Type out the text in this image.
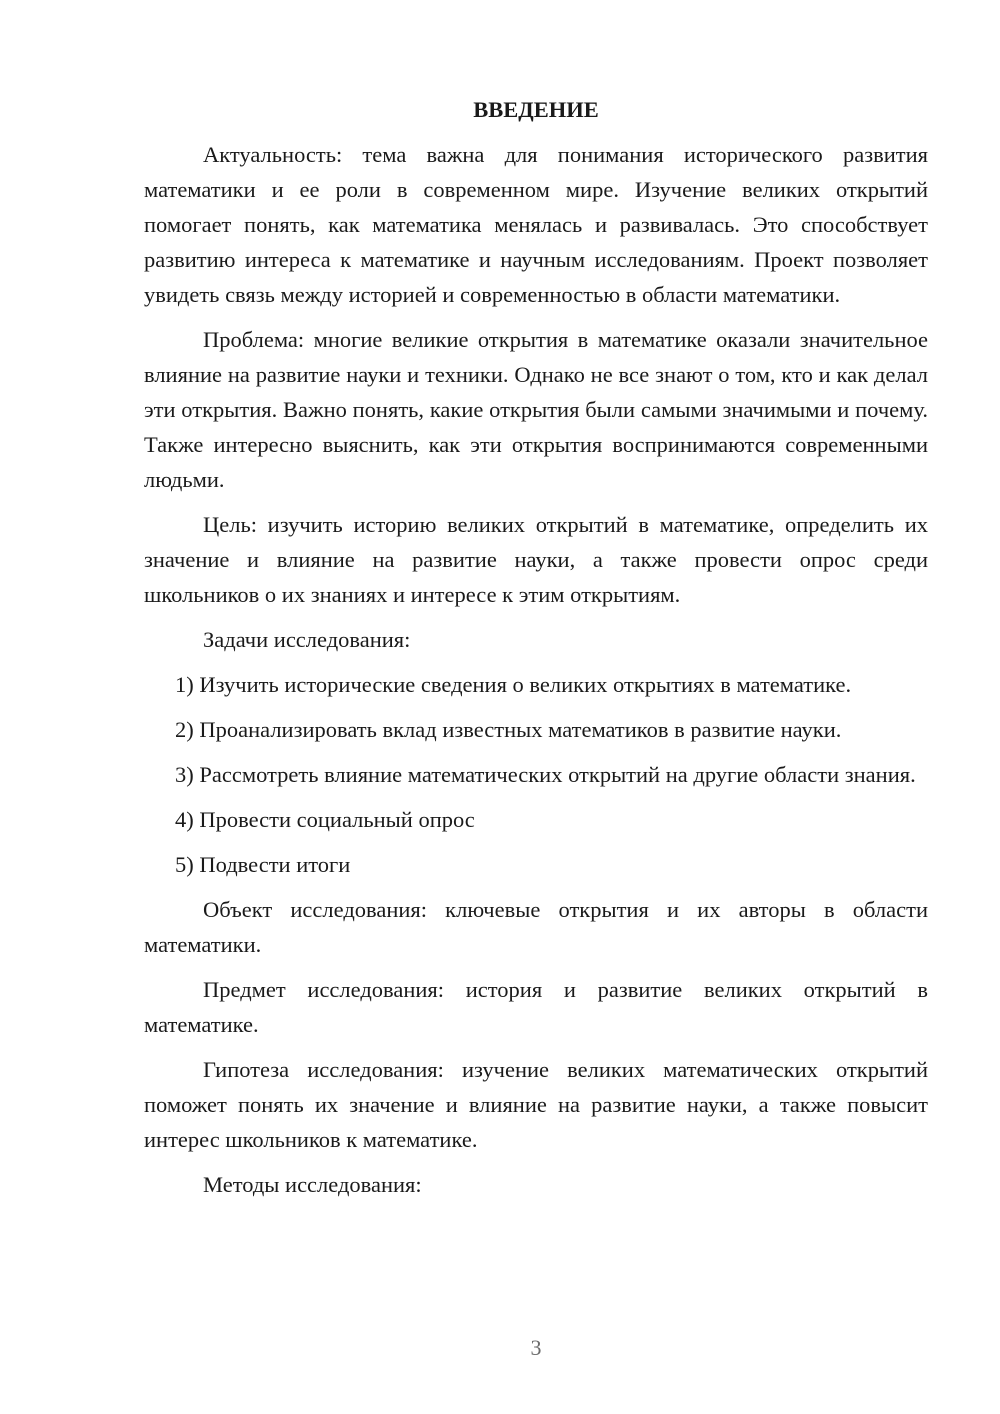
ВВЕДЕНИЕ

Актуальность: тема важна для понимания исторического развития математики и ее роли в современном мире. Изучение великих открытий помогает понять, как математика менялась и развивалась. Это способствует развитию интереса к математике и научным исследованиям. Проект позволяет увидеть связь между историей и современностью в области математики.

Проблема: многие великие открытия в математике оказали значительное влияние на развитие науки и техники. Однако не все знают о том, кто и как делал эти открытия. Важно понять, какие открытия были самыми значимыми и почему. Также интересно выяснить, как эти открытия воспринимаются современными людьми.

Цель: изучить историю великих открытий в математике, определить их значение и влияние на развитие науки, а также провести опрос среди школьников о их знаниях и интересе к этим открытиям.

Задачи исследования:

1) Изучить исторические сведения о великих открытиях в математике.

2) Проанализировать вклад известных математиков в развитие науки.

3) Рассмотреть влияние математических открытий на другие области знания.

4) Провести социальный опрос

5) Подвести итоги

Объект исследования: ключевые открытия и их авторы в области математики.

Предмет исследования: история и развитие великих открытий в математике.

Гипотеза исследования: изучение великих математических открытий поможет понять их значение и влияние на развитие науки, а также повысит интерес школьников к математике.

Методы исследования:

3
